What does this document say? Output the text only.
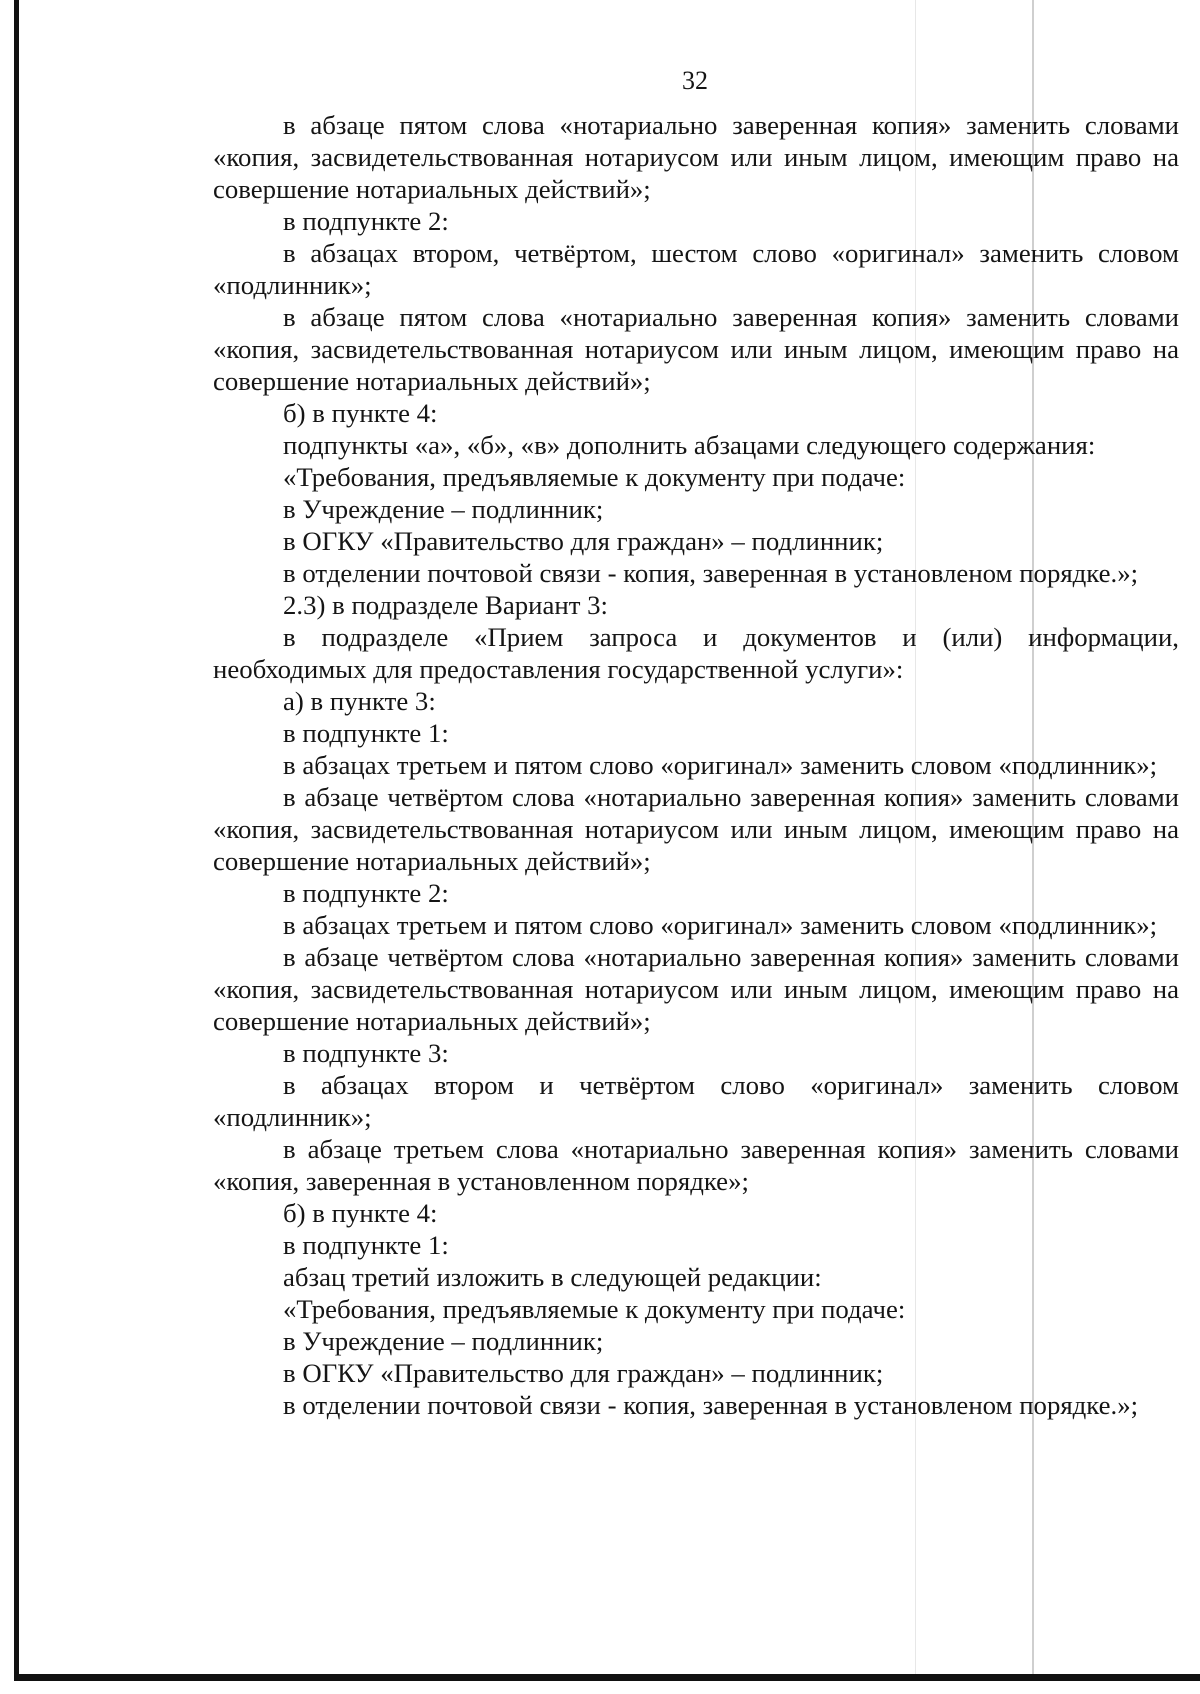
32

в абзаце пятом слова «нотариально заверенная копия» заменить словами «копия, засвидетельствованная нотариусом или иным лицом, имеющим право на совершение нотариальных действий»;

в подпункте 2:

в абзацах втором, четвёртом, шестом слово «оригинал» заменить словом «подлинник»;

в абзаце пятом слова «нотариально заверенная копия» заменить словами «копия, засвидетельствованная нотариусом или иным лицом, имеющим право на совершение нотариальных действий»;

б) в пункте 4:

подпункты «а», «б», «в» дополнить абзацами следующего содержания:

«Требования, предъявляемые к документу при подаче:

в Учреждение – подлинник;

в ОГКУ «Правительство для граждан» – подлинник;

в отделении почтовой связи - копия, заверенная в установленом порядке.»;

2.3) в подразделе Вариант 3:

в подразделе «Прием запроса и документов и (или) информации, необходимых для предоставления государственной услуги»:

а) в пункте 3:

в подпункте 1:

в абзацах третьем и пятом слово «оригинал» заменить словом «подлинник»;

в абзаце четвёртом слова «нотариально заверенная копия» заменить словами «копия, засвидетельствованная нотариусом или иным лицом, имеющим право на совершение нотариальных действий»;

в подпункте 2:

в абзацах третьем и пятом слово «оригинал» заменить словом «подлинник»;

в абзаце четвёртом слова «нотариально заверенная копия» заменить словами «копия, засвидетельствованная нотариусом или иным лицом, имеющим право на совершение нотариальных действий»;

в подпункте 3:

в абзацах втором и четвёртом слово «оригинал» заменить словом «подлинник»;

в абзаце третьем слова «нотариально заверенная копия» заменить словами «копия, заверенная в установленном порядке»;

б) в пункте 4:

в подпункте 1:

абзац третий изложить в следующей редакции:

«Требования, предъявляемые к документу при подаче:

в Учреждение – подлинник;

в ОГКУ «Правительство для граждан» – подлинник;

в отделении почтовой связи - копия, заверенная в установленом порядке.»;
